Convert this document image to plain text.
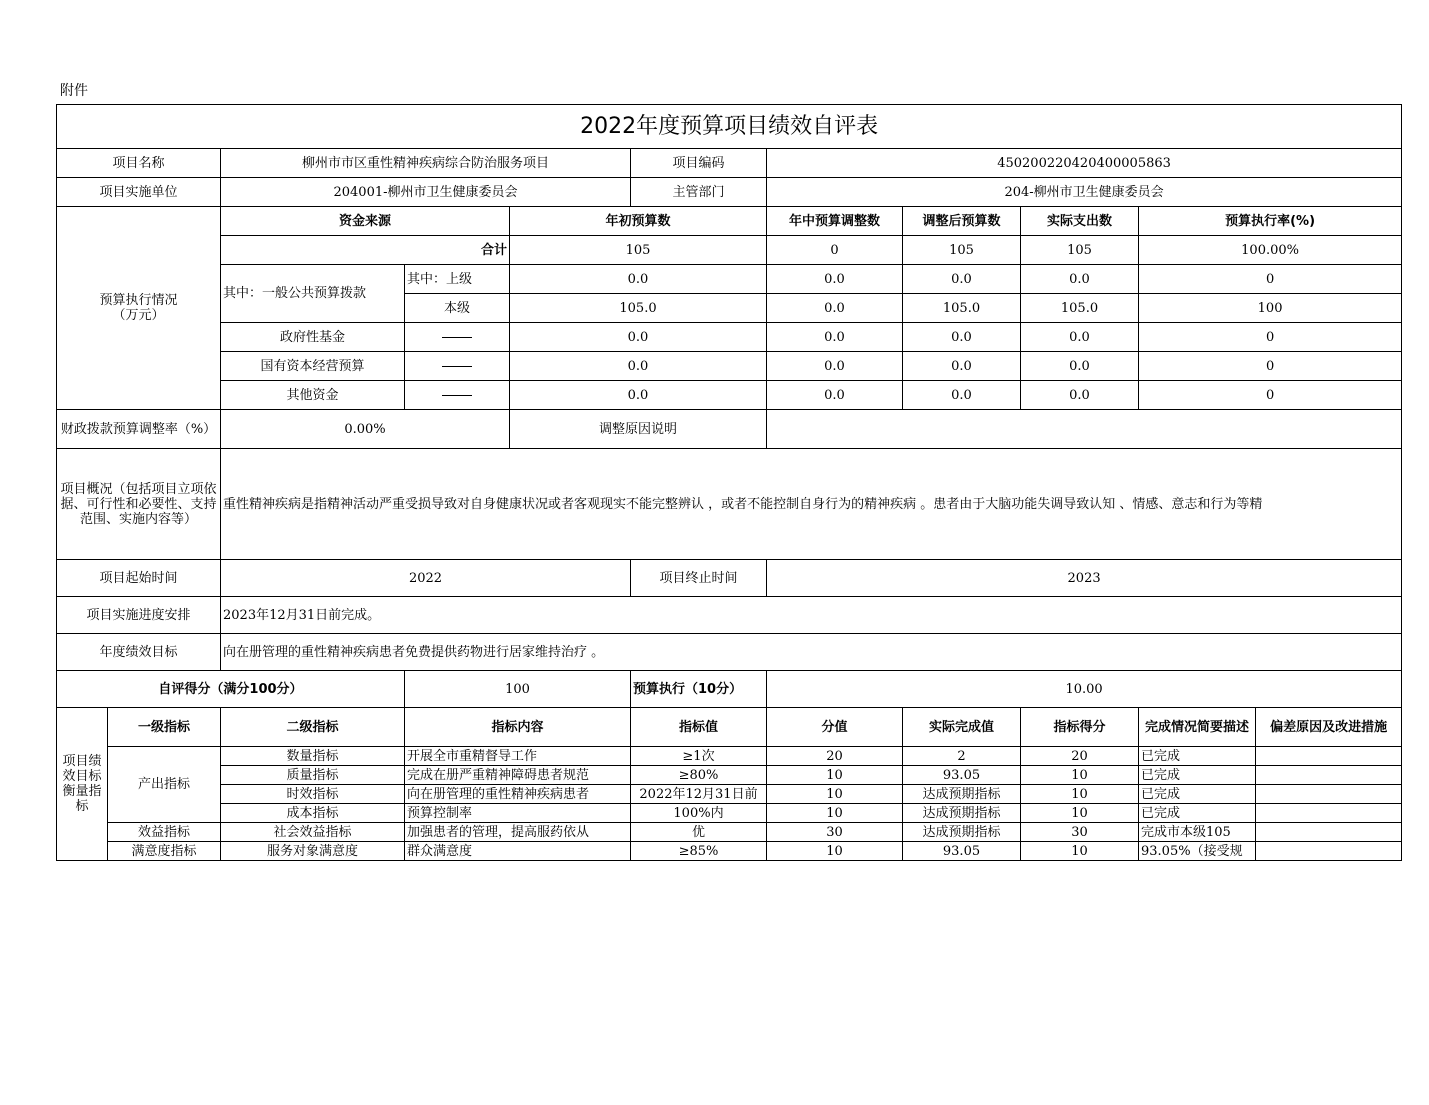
附件
2022年度预算项目绩效自评表										
项目名称		柳州市市区重性精神疾病综合防治服务项目			项目编码	450200220420400005863				
项目实施单位		204001-柳州市卫生健康委员会			主管部门	204-柳州市卫生健康委员会				
预算执行情况（万元）		资金来源		年初预算数		年中预算调整数	调整后预算数	实际支出数	预算执行率(%)	
		合计		105		0	105	105	100.00%	
		其中：一般公共预算拨款	其中：上级	0.0		0.0	0.0	0.0	0	
			本级	105.0		0.0	105.0	105.0	100	
		政府性基金		0.0		0.0	0.0	0.0	0	
		国有资本经营预算		0.0		0.0	0.0	0.0	0	
		其他资金		0.0		0.0	0.0	0.0	0	
财政拨款预算调整率（%）		0.00%		调整原因说明						
项目概况（包括项目立项依据、可行性和必要性、支持范围、实施内容等）		重性精神疾病是指精神活动严重受损导致对自身健康状况或者客观现实不能完整辨认 ，或者不能控制自身行为的精神疾病 。患者由于大脑功能失调导致认知 、情感、意志和行为等精								
项目起始时间		2022			项目终止时间	2023				
项目实施进度安排		2023年12月31日前完成。								
年度绩效目标		向在册管理的重性精神疾病患者免费提供药物进行居家维持治疗 。								
自评得分（满分100分）			100		预算执行（10分）	10.00				
项目绩效目标衡量指标	一级指标	二级指标	指标内容		指标值	分值	实际完成值	指标得分	完成情况简要描述	偏差原因及改进措施
	产出指标	数量指标	开展全市重精督导工作		≥1次	20	2	20	已完成	
		质量指标	完成在册严重精神障碍患者规范		≥80%	10	93.05	10	已完成	
		时效指标	向在册管理的重性精神疾病患者		2022年12月31日前	10	达成预期指标	10	已完成	
		成本指标	预算控制率		100%内	10	达成预期指标	10	已完成	
	效益指标	社会效益指标	加强患者的管理，提高服药依从		优	30	达成预期指标	30	完成市本级105	
	满意度指标	服务对象满意度	群众满意度		≥85%	10	93.05	10	93.05%（接受规	
